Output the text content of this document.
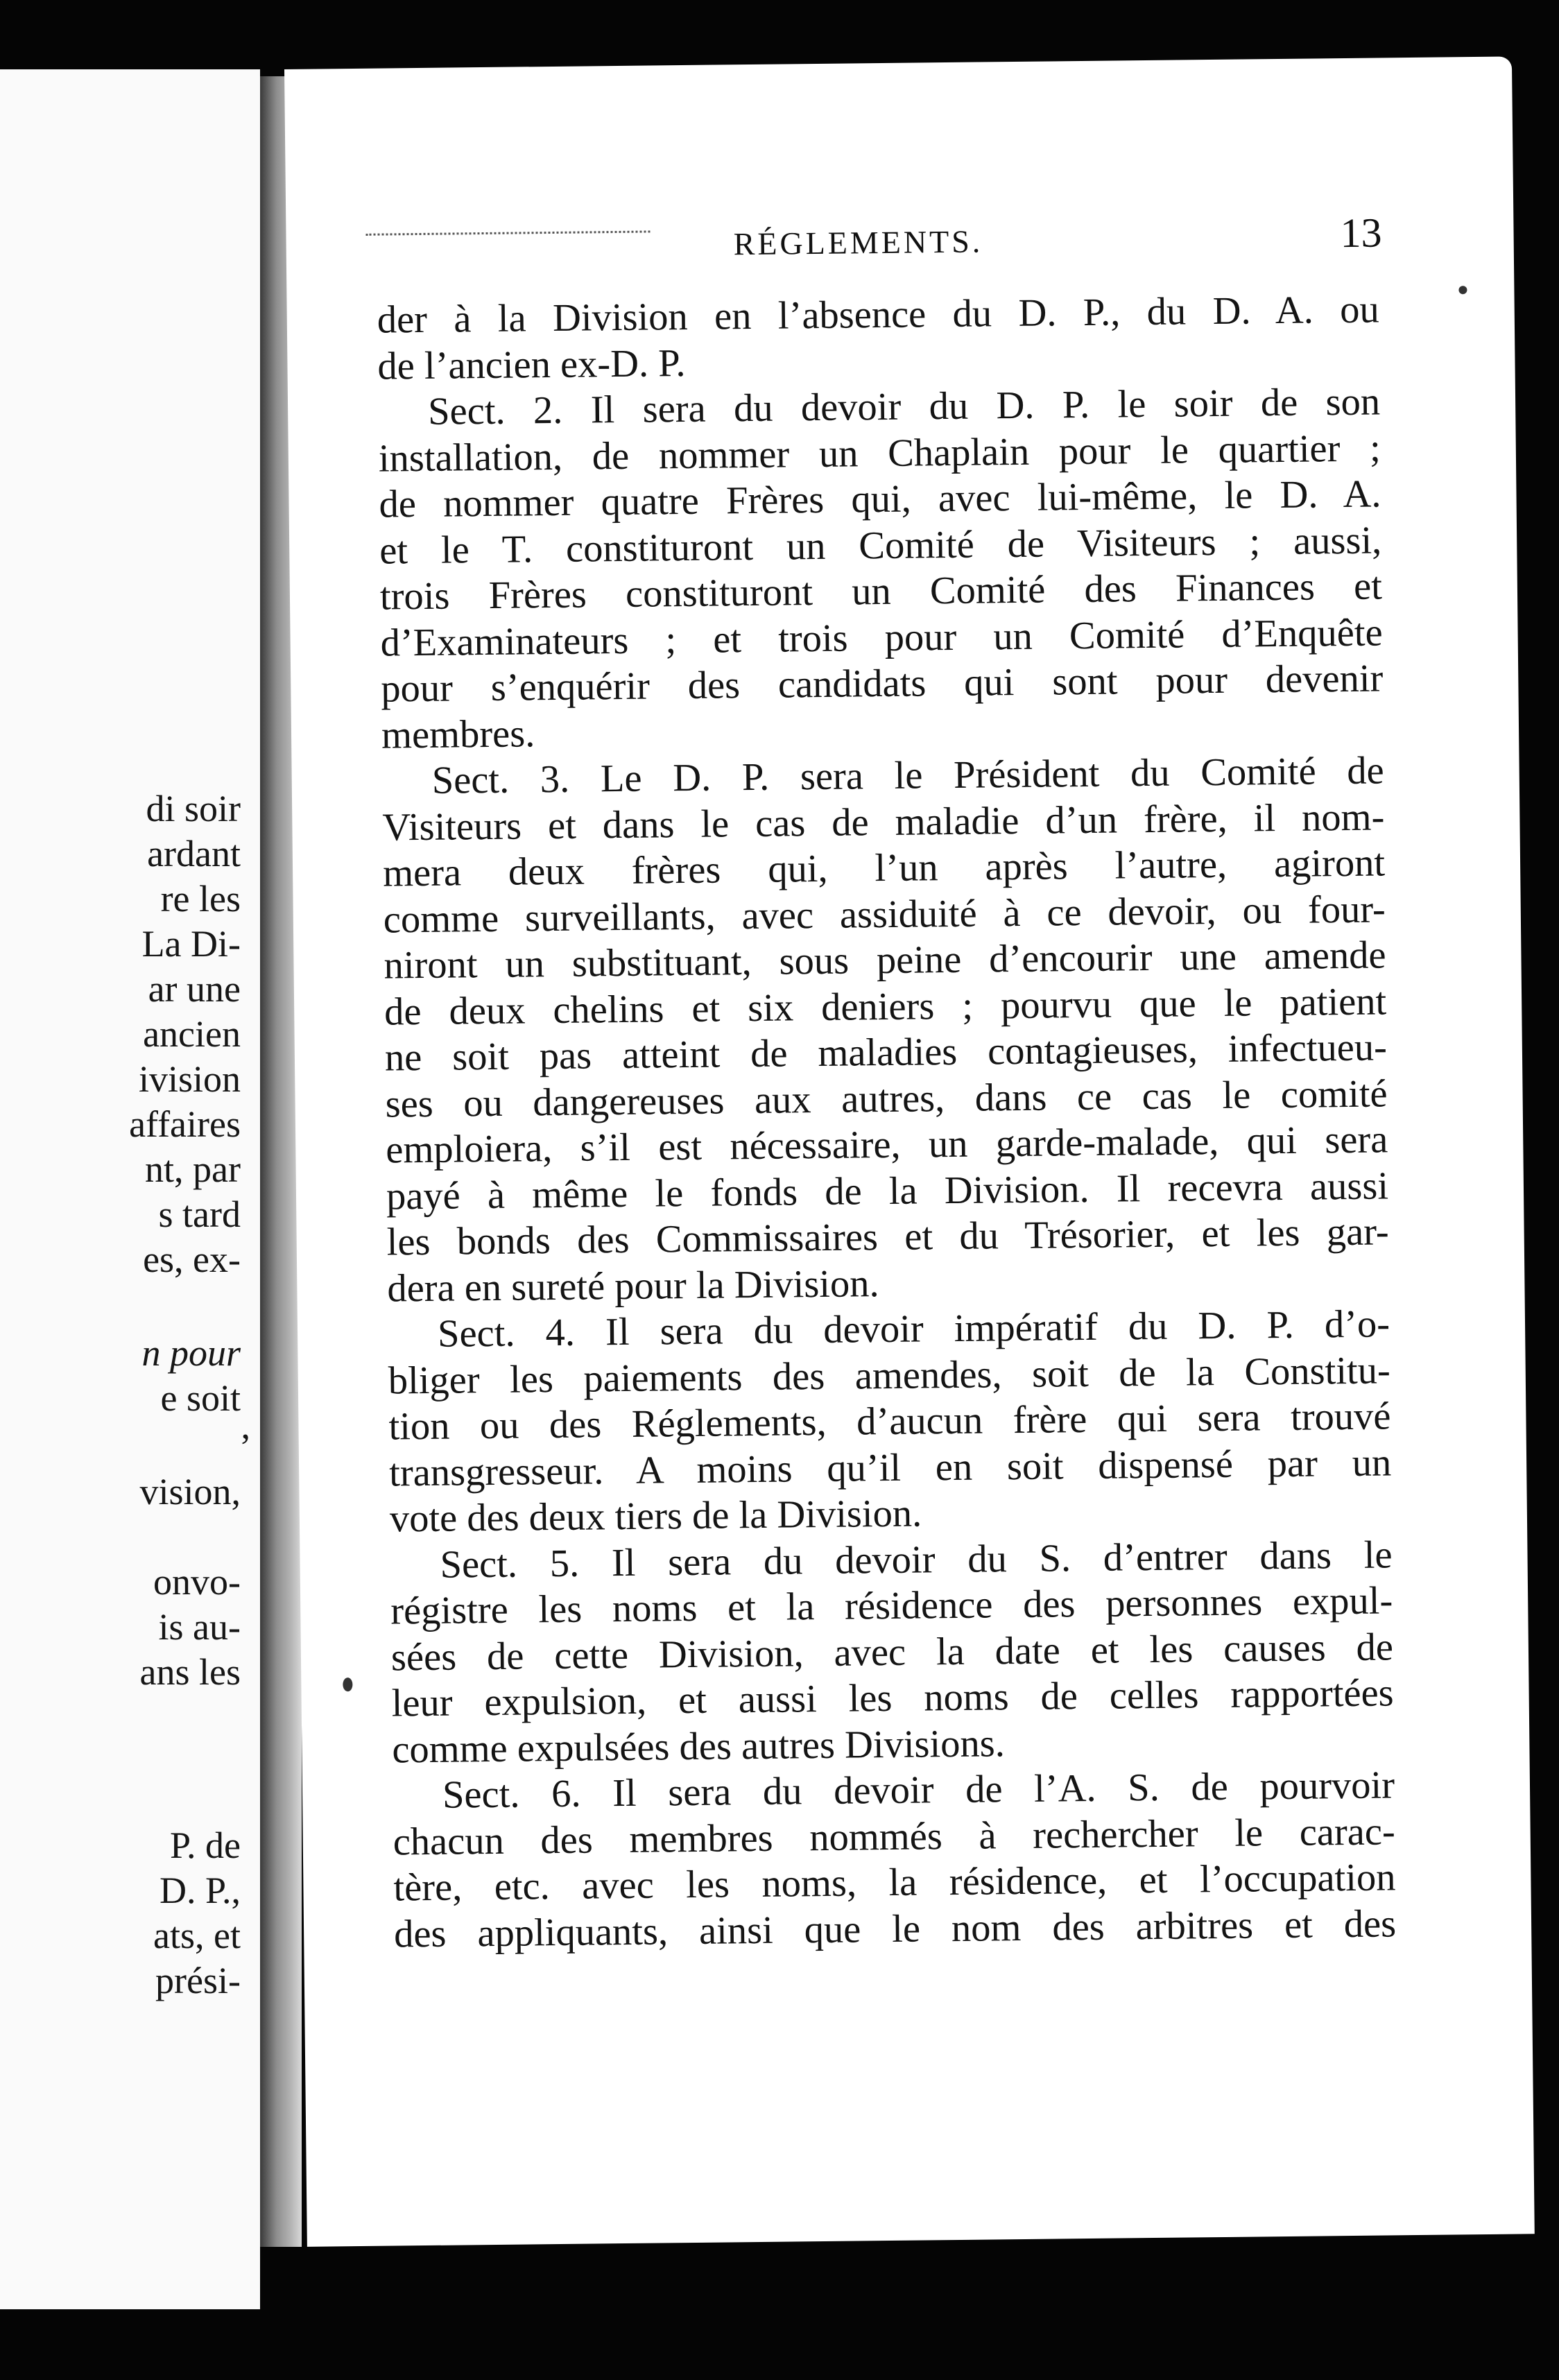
di soir
ardant
re les
La Di-
ar une
ancien
ivision
affaires
nt, par
s tard
es, ex-
n pour
e soit
,
vision,
onvo-
is au-
ans les
P. de
D. P.,
ats, et
prési-
RÉGLEMENTS.	13
der à la Division en l’absence du D. P., du D. A. ou
de l’ancien ex-D. P.
Sect. 2. Il sera du devoir du D. P. le soir de son
installation, de nommer un Chaplain pour le quartier ;
de nommer quatre Frères qui, avec lui-même, le D. A.
et le T. constituront un Comité de Visiteurs ; aussi,
trois Frères constituront un Comité des Finances et
d’Examinateurs ; et trois pour un Comité d’Enquête
pour s’enquérir des candidats qui sont pour devenir
membres.
Sect. 3. Le D. P. sera le Président du Comité de
Visiteurs et dans le cas de maladie d’un frère, il nom-
mera deux frères qui, l’un après l’autre, agiront
comme surveillants, avec assiduité à ce devoir, ou four-
niront un substituant, sous peine d’encourir une amende
de deux chelins et six deniers ; pourvu que le patient
ne soit pas atteint de maladies contagieuses, infectueu-
ses ou dangereuses aux autres, dans ce cas le comité
emploiera, s’il est nécessaire, un garde-malade, qui sera
payé à même le fonds de la Division. Il recevra aussi
les bonds des Commissaires et du Trésorier, et les gar-
dera en sureté pour la Division.
Sect. 4. Il sera du devoir impératif du D. P. d’o-
bliger les paiements des amendes, soit de la Constitu-
tion ou des Réglements, d’aucun frère qui sera trouvé
transgresseur. A moins qu’il en soit dispensé par un
vote des deux tiers de la Division.
Sect. 5. Il sera du devoir du S. d’entrer dans le
régistre les noms et la résidence des personnes expul-
sées de cette Division, avec la date et les causes de
leur expulsion, et aussi les noms de celles rapportées
comme expulsées des autres Divisions.
Sect. 6. Il sera du devoir de l’A. S. de pourvoir
chacun des membres nommés à rechercher le carac-
tère, etc. avec les noms, la résidence, et l’occupation
des appliquants, ainsi que le nom des arbitres et des
